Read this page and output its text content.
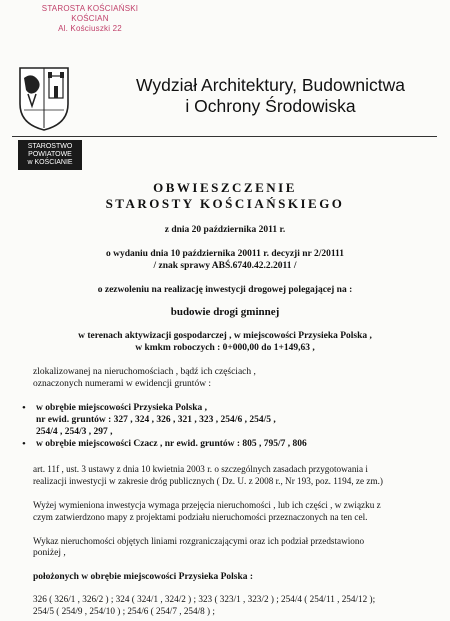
STAROSTA KOŚCIAŃSKI
KOŚCIAN
Al. Kościuszki 22
STAROSTWO
POWIATOWE
w KOŚCIANIE
Wydział Architektury, Budownictwa
i Ochrony Środowiska
OBWIESZCZENIE
STAROSTY KOŚCIAŃSKIEGO
z dnia 20 października 2011 r.
o wydaniu dnia 10 października 20011 r. decyzji nr 2/20111
/ znak sprawy ABŚ.6740.42.2.2011 /
o zezwoleniu na realizację inwestycji drogowej polegającej na :
budowie drogi gminnej
w terenach aktywizacji gospodarczej , w miejscowości Przysieka Polska ,
w kmkm roboczych : 0+000,00 do 1+149,63 ,
zlokalizowanej na nieruchomościach , bądź ich częściach ,
oznaczonych numerami w ewidencji gruntów :
• w obrębie miejscowości Przysieka Polska ,
nr ewid. gruntów : 327 , 324 , 326 , 321 , 323 , 254/6 , 254/5 ,
254/4 , 254/3 , 297 ,
• w obrębie miejscowości Czacz , nr ewid. gruntów : 805 , 795/7 , 806
art. 11f , ust. 3 ustawy z dnia 10 kwietnia 2003 r. o szczególnych zasadach przygotowania i
realizacji inwestycji w zakresie dróg publicznych ( Dz. U. z 2008 r., Nr 193, poz. 1194, ze zm.)
Wyżej wymieniona inwestycja wymaga przejęcia nieruchomości , lub ich części , w związku z
czym zatwierdzono mapy z projektami podziału nieruchomości przeznaczonych na ten cel.
Wykaz nieruchomości objętych liniami rozgraniczającymi oraz ich podział przedstawiono
poniżej ,
położonych w obrębie miejscowości Przysieka Polska :
326 ( 326/1 , 326/2 ) ; 324 ( 324/1 , 324/2 ) ; 323 ( 323/1 , 323/2 ) ; 254/4 ( 254/11 , 254/12 );
254/5 ( 254/9 , 254/10 ) ; 254/6 ( 254/7 , 254/8 ) ;
